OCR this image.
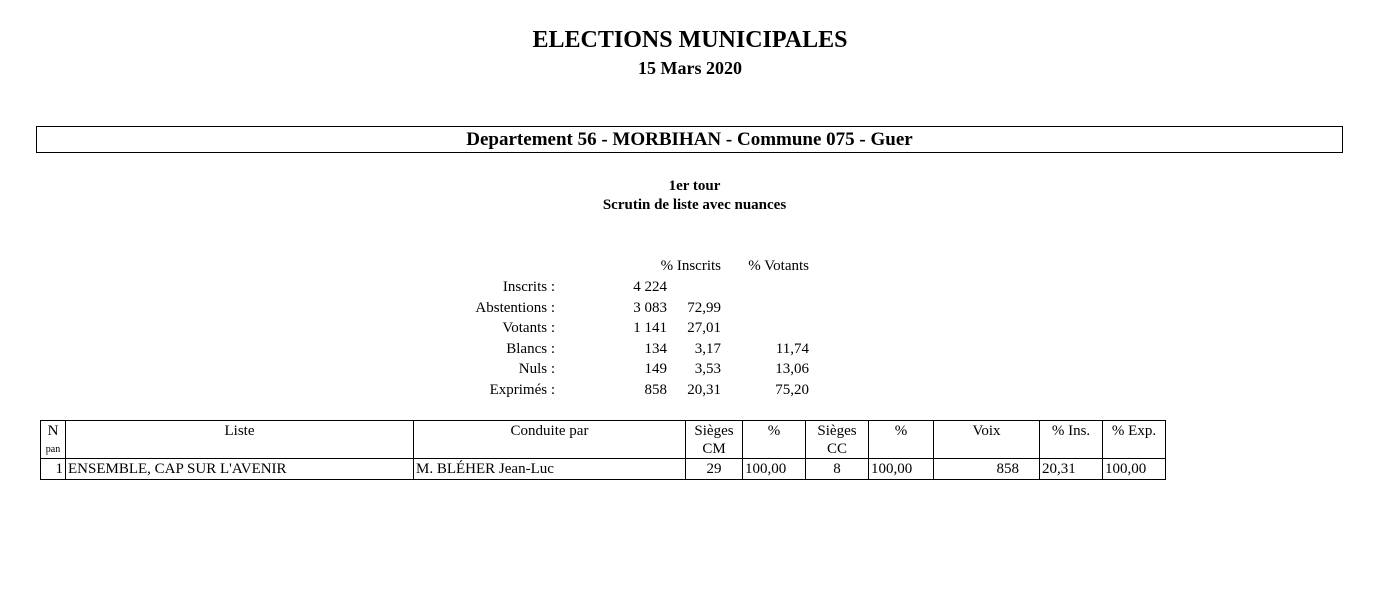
ELECTIONS MUNICIPALES
15 Mars 2020
Departement 56 - MORBIHAN - Commune 075 - Guer
1er tour
Scrutin de liste avec nuances
% Inscrits % Votants
Inscrits :	4 224
Abstentions :	3 083 72,99
Votants :	1 141 27,01
Blancs :	134 3,17	11,74
Nuls :	149 3,53	13,06
Exprimés :	858 20,31	75,20
N	Liste	Conduite par	Sièges	%	Sièges	%	Voix	% Ins.	% Exp.
pan			CM		CC				
1	ENSEMBLE, CAP SUR L'AVENIR	M. BLÉHER Jean-Luc	29	100,00	8	100,00	858	20,31	100,00
